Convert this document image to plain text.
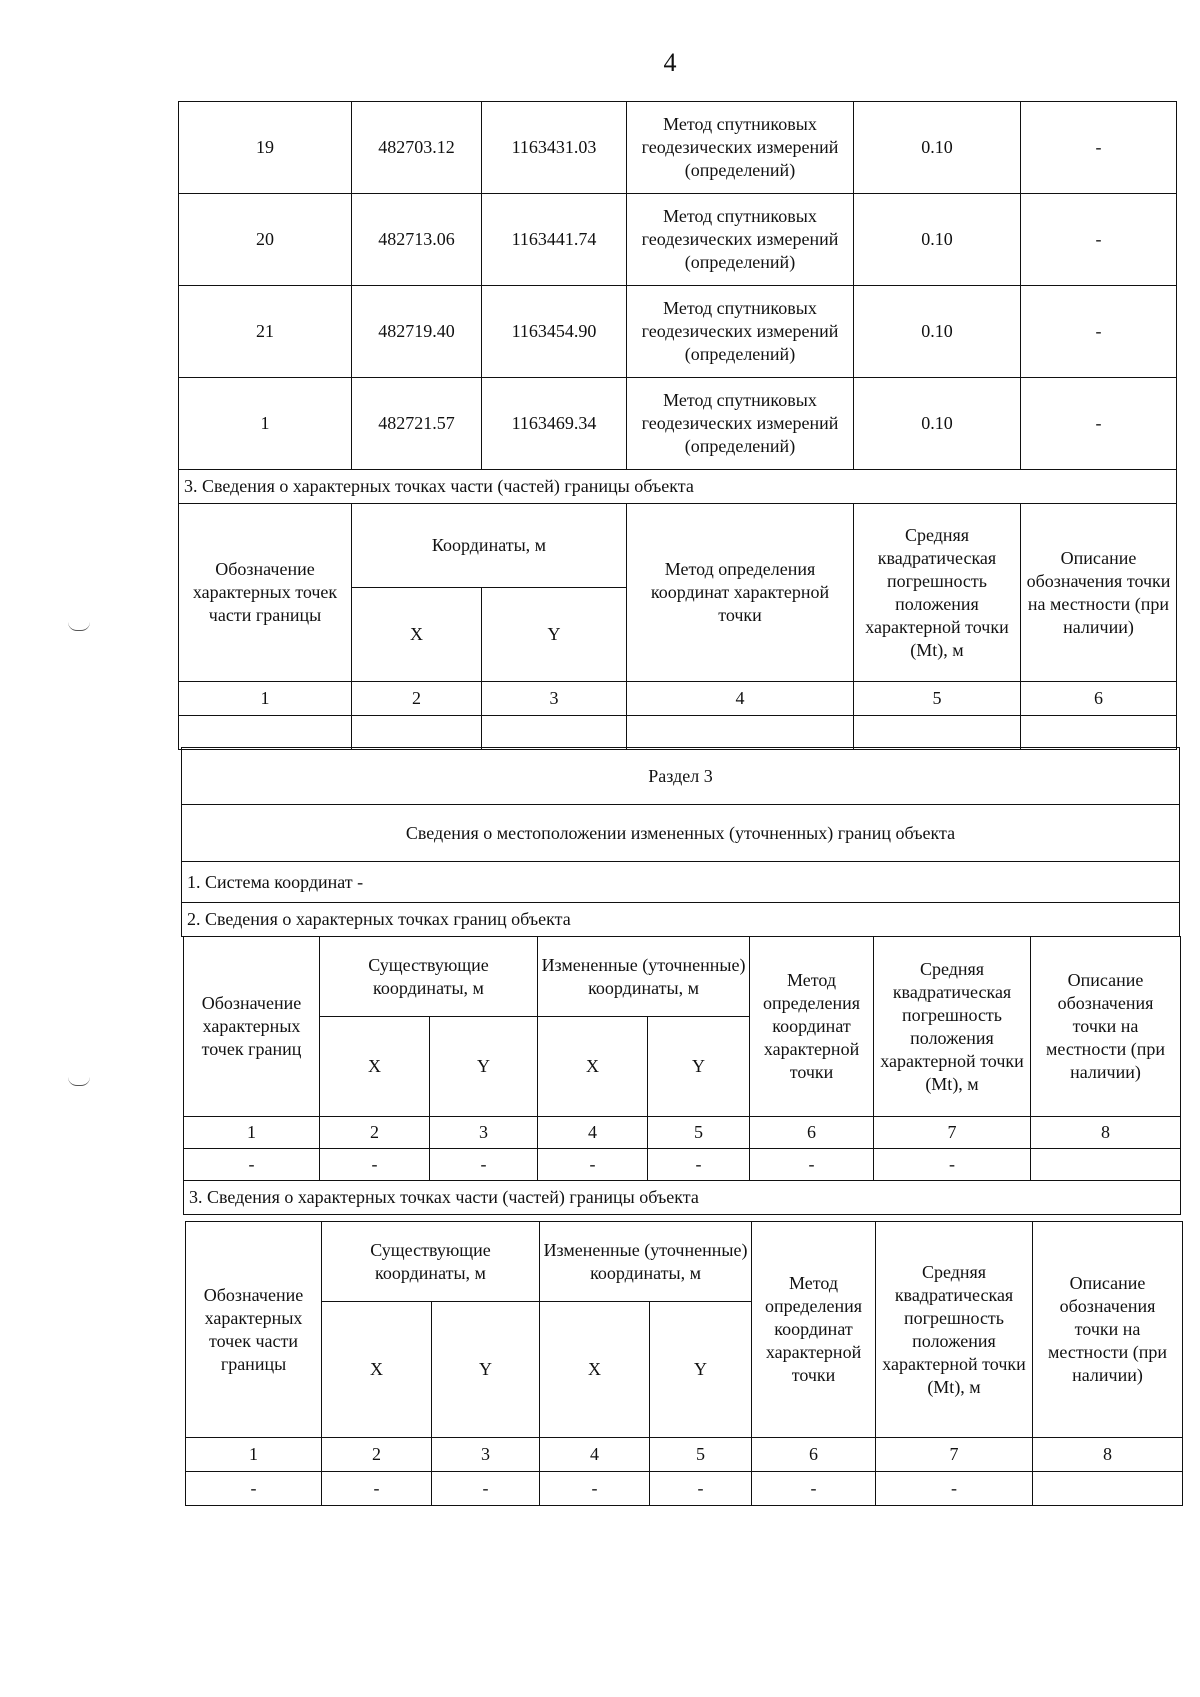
4
19	482703.12	1163431.03	Метод спутниковых геодезических измерений (определений)	0.10	-
20	482713.06	1163441.74	Метод спутниковых геодезических измерений (определений)	0.10	-
21	482719.40	1163454.90	Метод спутниковых геодезических измерений (определений)	0.10	-
1	482721.57	1163469.34	Метод спутниковых геодезических измерений (определений)	0.10	-
3. Сведения о характерных точках части (частей) границы объекта					
Обозначение характерных точек части границы	Координаты, м		Метод определения координат характерной точки	Средняя квадратическая погрешность положения характерной точки (Mt), м	Описание обозначения точки на местности (при наличии)
	X	Y			
1	2	3	4	5	6

Раздел 3
Сведения о местоположении измененных (уточненных) границ объекта
1. Система координат -
2. Сведения о характерных точках границ объекта
Обозначение характерных точек границ	Существующие координаты, м		Измененные (уточненные) координаты, м		Метод определения координат характерной точки	Средняя квадратическая погрешность положения характерной точки (Mt), м	Описание обозначения точки на местности (при наличии)
	X	Y	X	Y			
1	2	3	4	5	6	7	8
-	-	-	-	-	-	-	
3. Сведения о характерных точках части (частей) границы объекта							
Обозначение характерных точек части границы	Существующие координаты, м		Измененные (уточненные) координаты, м		Метод определения координат характерной точки	Средняя квадратическая погрешность положения характерной точки (Mt), м	Описание обозначения точки на местности (при наличии)
	X	Y	X	Y			
1	2	3	4	5	6	7	8
-	-	-	-	-	-	-	
